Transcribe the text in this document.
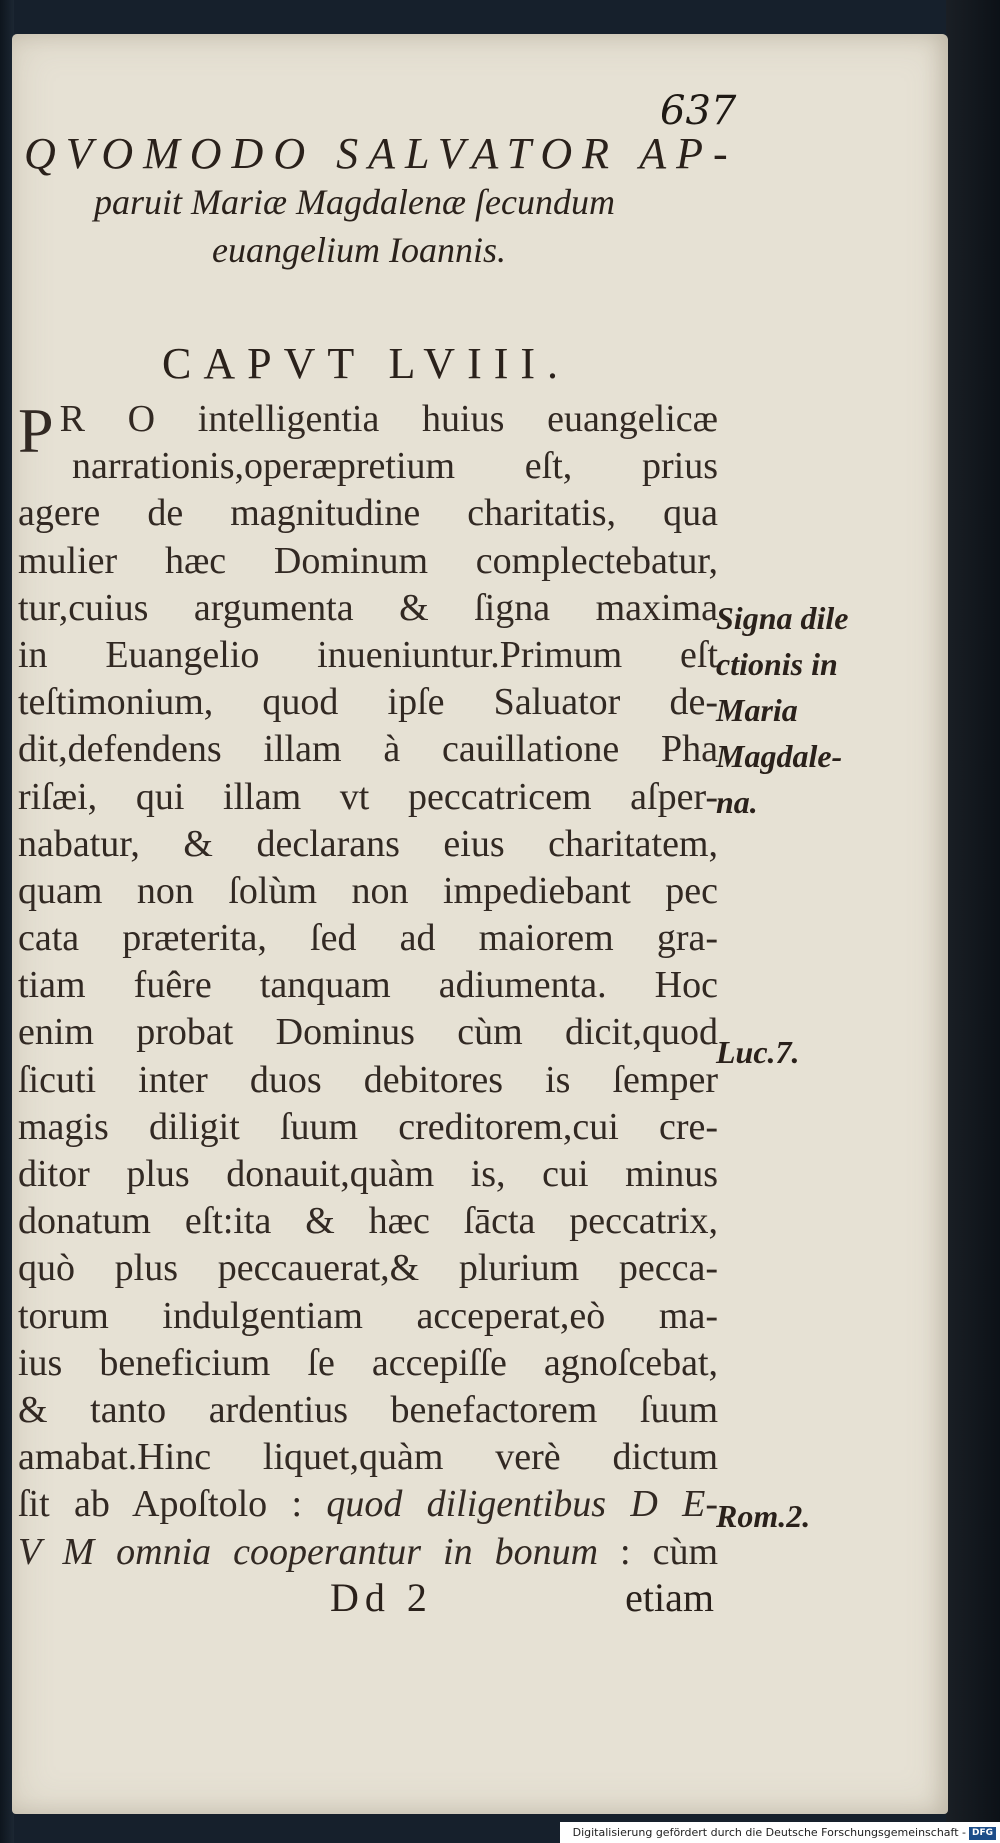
637
QVOMODO SALVATOR AP-
paruit Mariæ Magdalenæ ſecundum
euangelium Ioannis.
CAPVT LVIII.
P R O intelligentia huius euangelicæ
narrationis,operæpretium eſt, prius
agere de magnitudine charitatis, qua
mulier hæc Dominum complectebatur,
tur,cuius argumenta & ſigna maxima
in Euangelio inueniuntur.Primum eſt
teſtimonium, quod ipſe Saluator de-
dit,defendens illam à cauillatione Pha
riſæi, qui illam vt peccatricem aſper-
nabatur, & declarans eius charitatem,
quam non ſolùm non impediebant pec
cata præterita, ſed ad maiorem gra-
tiam fuêre tanquam adiumenta. Hoc
enim probat Dominus cùm dicit,quod
ſicuti inter duos debitores is ſemper
magis diligit ſuum creditorem,cui cre-
ditor plus donauit,quàm is, cui minus
donatum eſt:ita & hæc ſācta peccatrix,
quò plus peccauerat,& plurium pecca-
torum indulgentiam acceperat,eò ma-
ius beneficium ſe accepiſſe agnoſcebat,
& tanto ardentius benefactorem ſuum
amabat.Hinc liquet,quàm verè dictum
ſit ab Apoſtolo : quod diligentibus D E-
V M omnia cooperantur in bonum : cùm
Dd 2	etiam
Signa dile
ctionis in
Maria
Magdale-
na.
Luc.7.
Rom.2.
Digitalisierung gefördert durch die Deutsche Forschungsgemeinschaft - DFG
